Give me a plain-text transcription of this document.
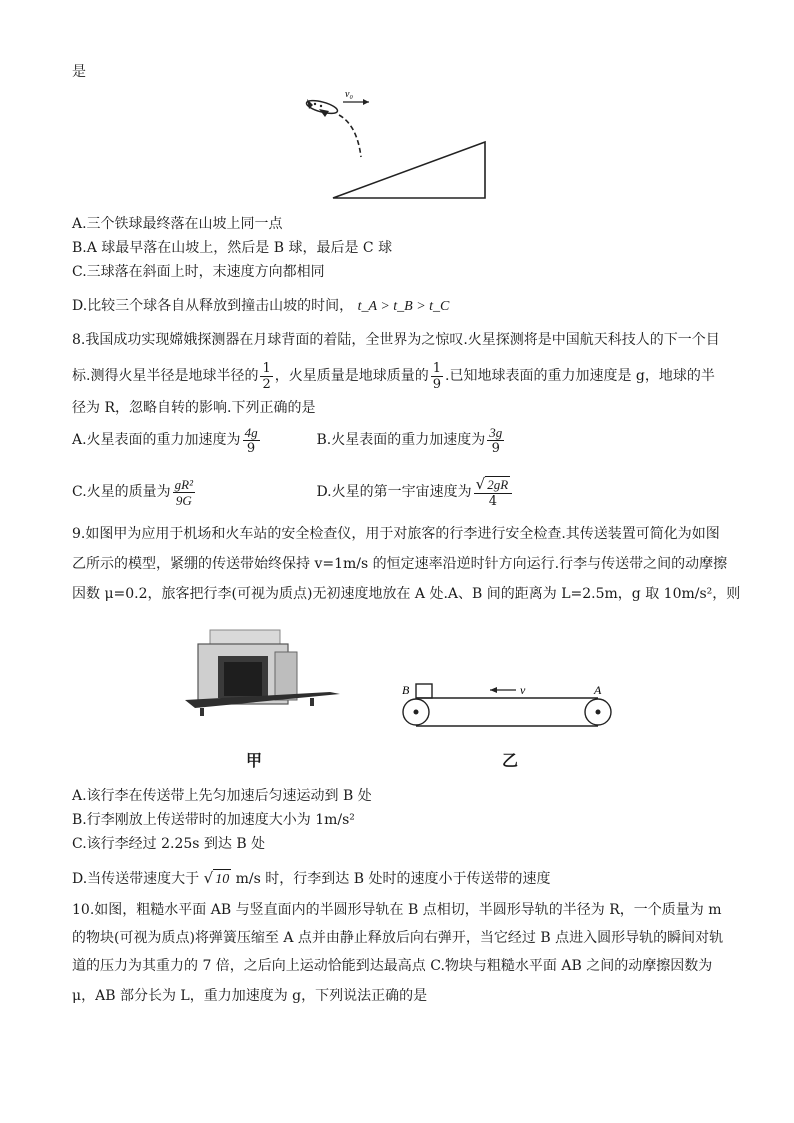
是
v₀
A.三个铁球最终落在山坡上同一点
B.A 球最早落在山坡上，然后是 B 球，最后是 C 球
C.三球落在斜面上时，末速度方向都相同
D.比较三个球各自从释放到撞击山坡的时间， t_A > t_B > t_C
8.我国成功实现嫦娥探测器在月球背面的着陆，全世界为之惊叹.火星探测将是中国航天科技人的下一个目
标.测得火星半径是地球半径的 $\frac{1}{2}$ ，火星质量是地球质量的 $\frac{1}{9}$ .已知地球表面的重力加速度是 g，地球的半
径为 R，忽略自转的影响.下列正确的是
A.火星表面的重力加速度为 $\frac{4g}{9}$	B.火星表面的重力加速度为 $\frac{3g}{9}$
C.火星的质量为 $\frac{\text{gR²}}{9G}$	D.火星的第一宇宙速度为 $\frac{√ 2gR}{4}$
9.如图甲为应用于机场和火车站的安全检查仪，用于对旅客的行李进行安全检查.其传送装置可简化为如图
乙所示的模型，紧绷的传送带始终保持 v=1m/s 的恒定速率沿逆时针方向运行.行李与传送带之间的动摩擦
因数 μ=0.2，旅客把行李(可视为质点)无初速度地放在 A 处.A、B 间的距离为 L=2.5m，g 取 10m/s²，则
甲
B	v	A
乙
A.该行李在传送带上先匀加速后匀速运动到 B 处
B.行李刚放上传送带时的加速度大小为 1m/s²
C.该行李经过 2.25s 到达 B 处
D.当传送带速度大于 √ 10 m/s 时，行李到达 B 处时的速度小于传送带的速度
10.如图，粗糙水平面 AB 与竖直面内的半圆形导轨在 B 点相切，半圆形导轨的半径为 R，一个质量为 m
的物块(可视为质点)将弹簧压缩至 A 点并由静止释放后向右弹开，当它经过 B 点进入圆形导轨的瞬间对轨
道的压力为其重力的 7 倍，之后向上运动恰能到达最高点 C.物块与粗糙水平面 AB 之间的动摩擦因数为
μ，AB 部分长为 L，重力加速度为 g，下列说法正确的是
